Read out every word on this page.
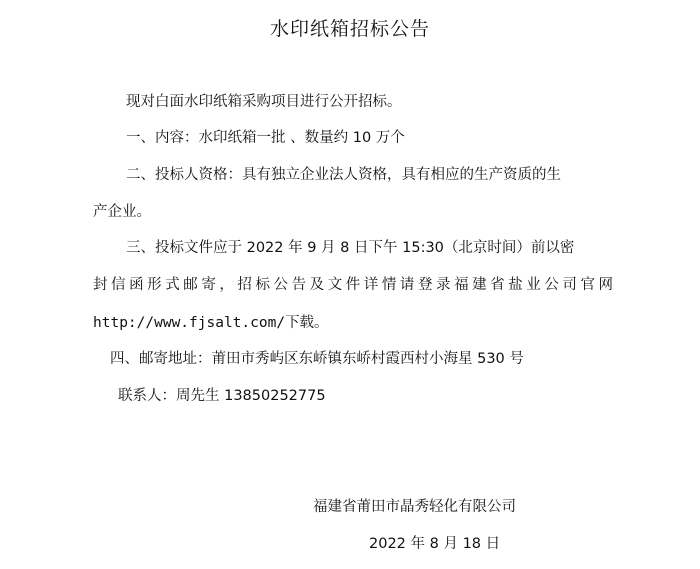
水印纸箱招标公告
现对白面水印纸箱采购项目进行公开招标。
一、内容：水印纸箱一批 、数量约 10 万个
二、投标人资格：具有独立企业法人资格，具有相应的生产资质的生
产企业。
三、投标文件应于 2022 年 9 月 8 日下午 15:30（北京时间）前以密
封信函形式邮寄，招标公告及文件详情请登录福建省盐业公司官网
http://www.fjsalt.com/下载。
四、邮寄地址：莆田市秀屿区东峤镇东峤村霞西村小海星 530 号
联系人：周先生 13850252775
福建省莆田市晶秀轻化有限公司
2022 年 8 月 18 日
